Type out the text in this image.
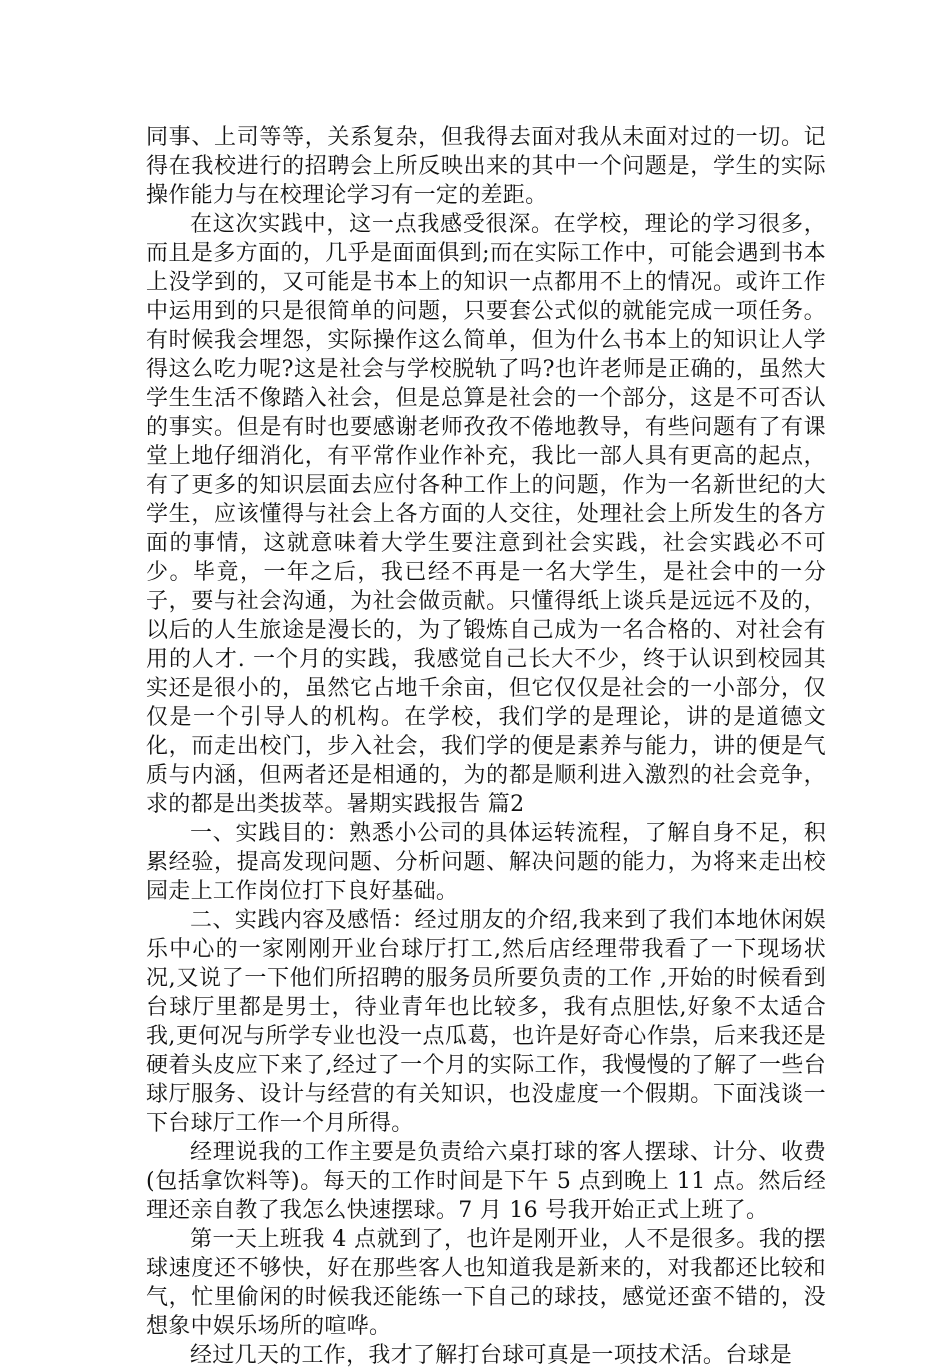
同事、上司等等，关系复杂，但我得去面对我从未面对过的一切。记得在我校进行的招聘会上所反映出来的其中一个问题是，学生的实际操作能力与在校理论学习有一定的差距。

在这次实践中，这一点我感受很深。在学校，理论的学习很多，而且是多方面的，几乎是面面俱到;而在实际工作中，可能会遇到书本上没学到的，又可能是书本上的知识一点都用不上的情况。或许工作中运用到的只是很简单的问题，只要套公式似的就能完成一项任务。有时候我会埋怨，实际操作这么简单，但为什么书本上的知识让人学得这么吃力呢?这是社会与学校脱轨了吗?也许老师是正确的，虽然大学生生活不像踏入社会，但是总算是社会的一个部分，这是不可否认的事实。但是有时也要感谢老师孜孜不倦地教导，有些问题有了有课堂上地仔细消化，有平常作业作补充，我比一部人具有更高的起点，有了更多的知识层面去应付各种工作上的问题，作为一名新世纪的大学生，应该懂得与社会上各方面的人交往，处理社会上所发生的各方面的事情，这就意味着大学生要注意到社会实践，社会实践必不可少。毕竟，一年之后，我已经不再是一名大学生，是社会中的一分子，要与社会沟通，为社会做贡献。只懂得纸上谈兵是远远不及的，以后的人生旅途是漫长的，为了锻炼自己成为一名合格的、对社会有用的人才. 一个月的实践，我感觉自己长大不少，终于认识到校园其实还是很小的，虽然它占地千余亩，但它仅仅是社会的一小部分，仅仅是一个引导人的机构。在学校，我们学的是理论，讲的是道德文化，而走出校门，步入社会，我们学的便是素养与能力，讲的便是气质与内涵，但两者还是相通的，为的都是顺利进入激烈的社会竞争，求的都是出类拔萃。暑期实践报告 篇2

一、实践目的：熟悉小公司的具体运转流程，了解自身不足，积累经验，提高发现问题、分析问题、解决问题的能力，为将来走出校园走上工作岗位打下良好基础。

二、实践内容及感悟：经过朋友的介绍,我来到了我们本地休闲娱乐中心的一家刚刚开业台球厅打工,然后店经理带我看了一下现场状况,又说了一下他们所招聘的服务员所要负责的工作 ,开始的时候看到台球厅里都是男士，待业青年也比较多，我有点胆怯,好象不太适合我,更何况与所学专业也没一点瓜葛，也许是好奇心作祟，后来我还是硬着头皮应下来了,经过了一个月的实际工作，我慢慢的了解了一些台球厅服务、设计与经营的有关知识，也没虚度一个假期。下面浅谈一下台球厅工作一个月所得。

经理说我的工作主要是负责给六桌打球的客人摆球、计分、收费(包括拿饮料等)。每天的工作时间是下午 5 点到晚上 11 点。然后经理还亲自教了我怎么快速摆球。7 月 16 号我开始正式上班了。

第一天上班我 4 点就到了，也许是刚开业，人不是很多。我的摆球速度还不够快，好在那些客人也知道我是新来的，对我都还比较和气，忙里偷闲的时候我还能练一下自己的球技，感觉还蛮不错的，没想象中娱乐场所的喧哗。

经过几天的工作，我才了解打台球可真是一项技术活。台球是
